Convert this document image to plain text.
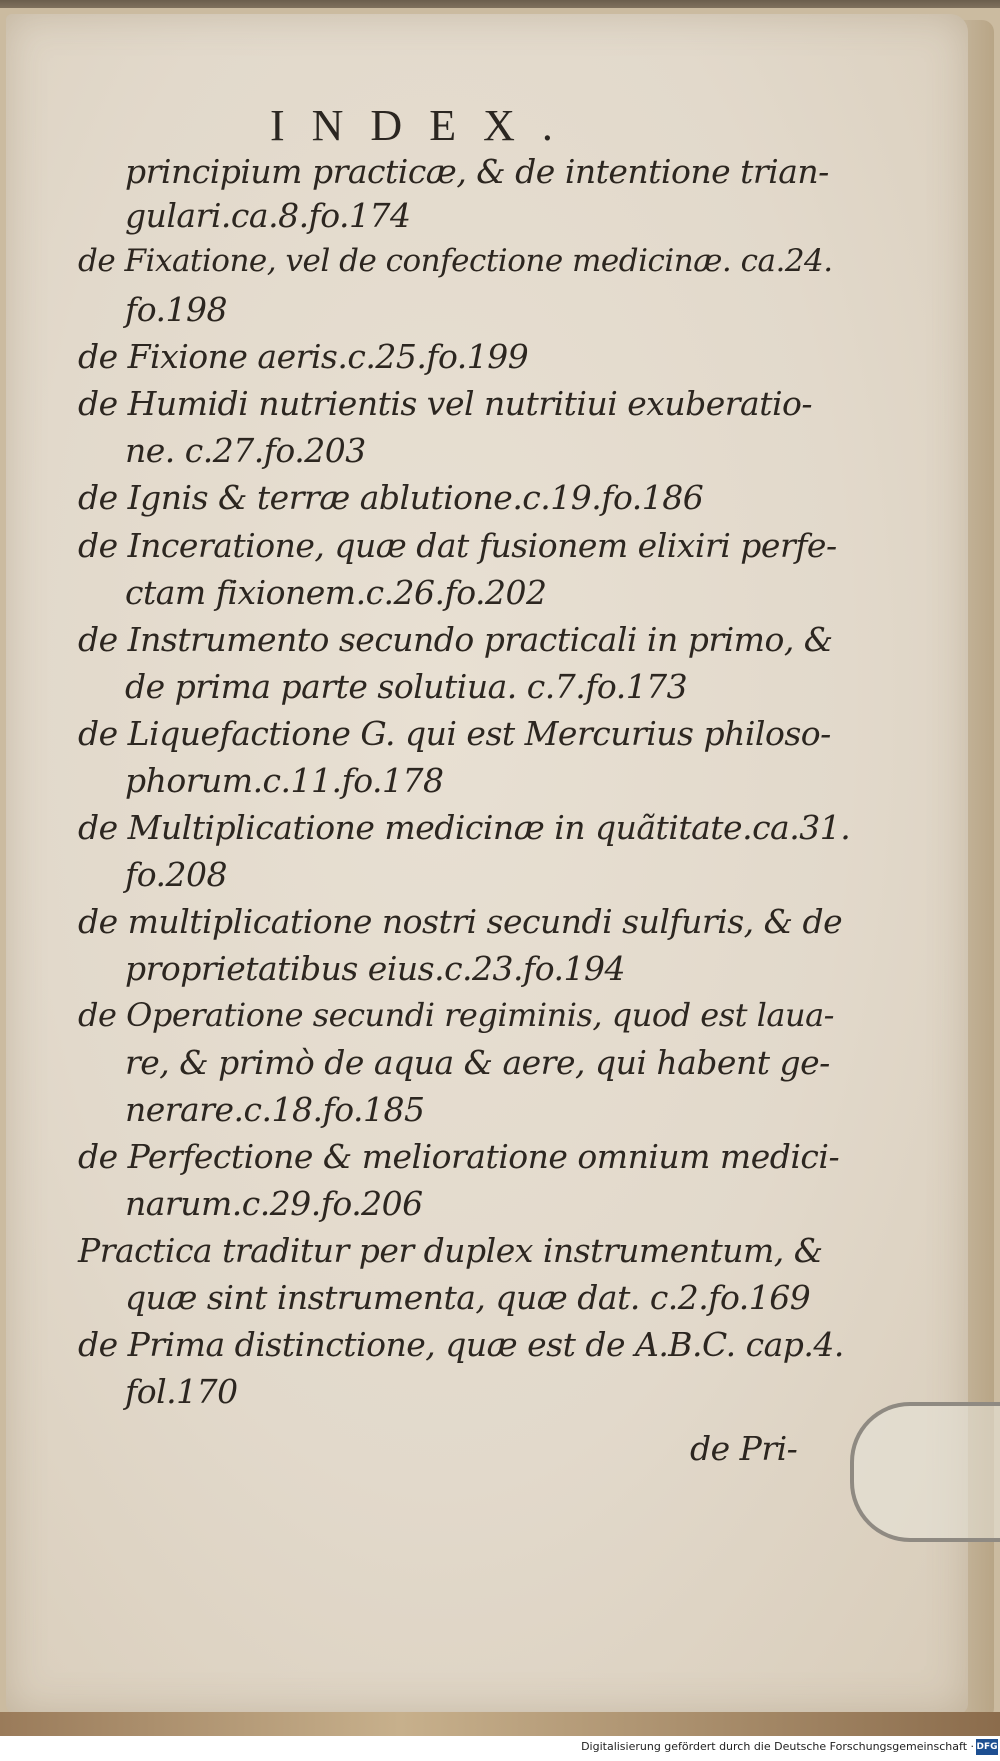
INDEX.
principium practicæ, & de intentione trian-
gulari.ca.8.fo.174
de Fixatione, vel de confectione medicinæ. ca.24.
fo.198
de Fixione aeris.c.25.fo.199
de Humidi nutrientis vel nutritiui exuberatio-
ne. c.27.fo.203
de Ignis & terræ ablutione.c.19.fo.186
de Inceratione, quæ dat fusionem elixiri perfe-
ctam fixionem.c.26.fo.202
de Instrumento secundo practicali in primo, &
de prima parte solutiua. c.7.fo.173
de Liquefactione G. qui est Mercurius philoso-
phorum.c.11.fo.178
de Multiplicatione medicinæ in quãtitate.ca.31.
fo.208
de multiplicatione nostri secundi sulfuris, & de
proprietatibus eius.c.23.fo.194
de Operatione secundi regiminis, quod est laua-
re, & primò de aqua & aere, qui habent ge-
nerare.c.18.fo.185
de Perfectione & melioratione omnium medici-
narum.c.29.fo.206
Practica traditur per duplex instrumentum, &
quæ sint instrumenta, quæ dat. c.2.fo.169
de Prima distinctione, quæ est de A.B.C. cap.4.
fol.170
de Pri-
Digitalisierung gefördert durch die Deutsche Forschungsgemeinschaft · DFG
